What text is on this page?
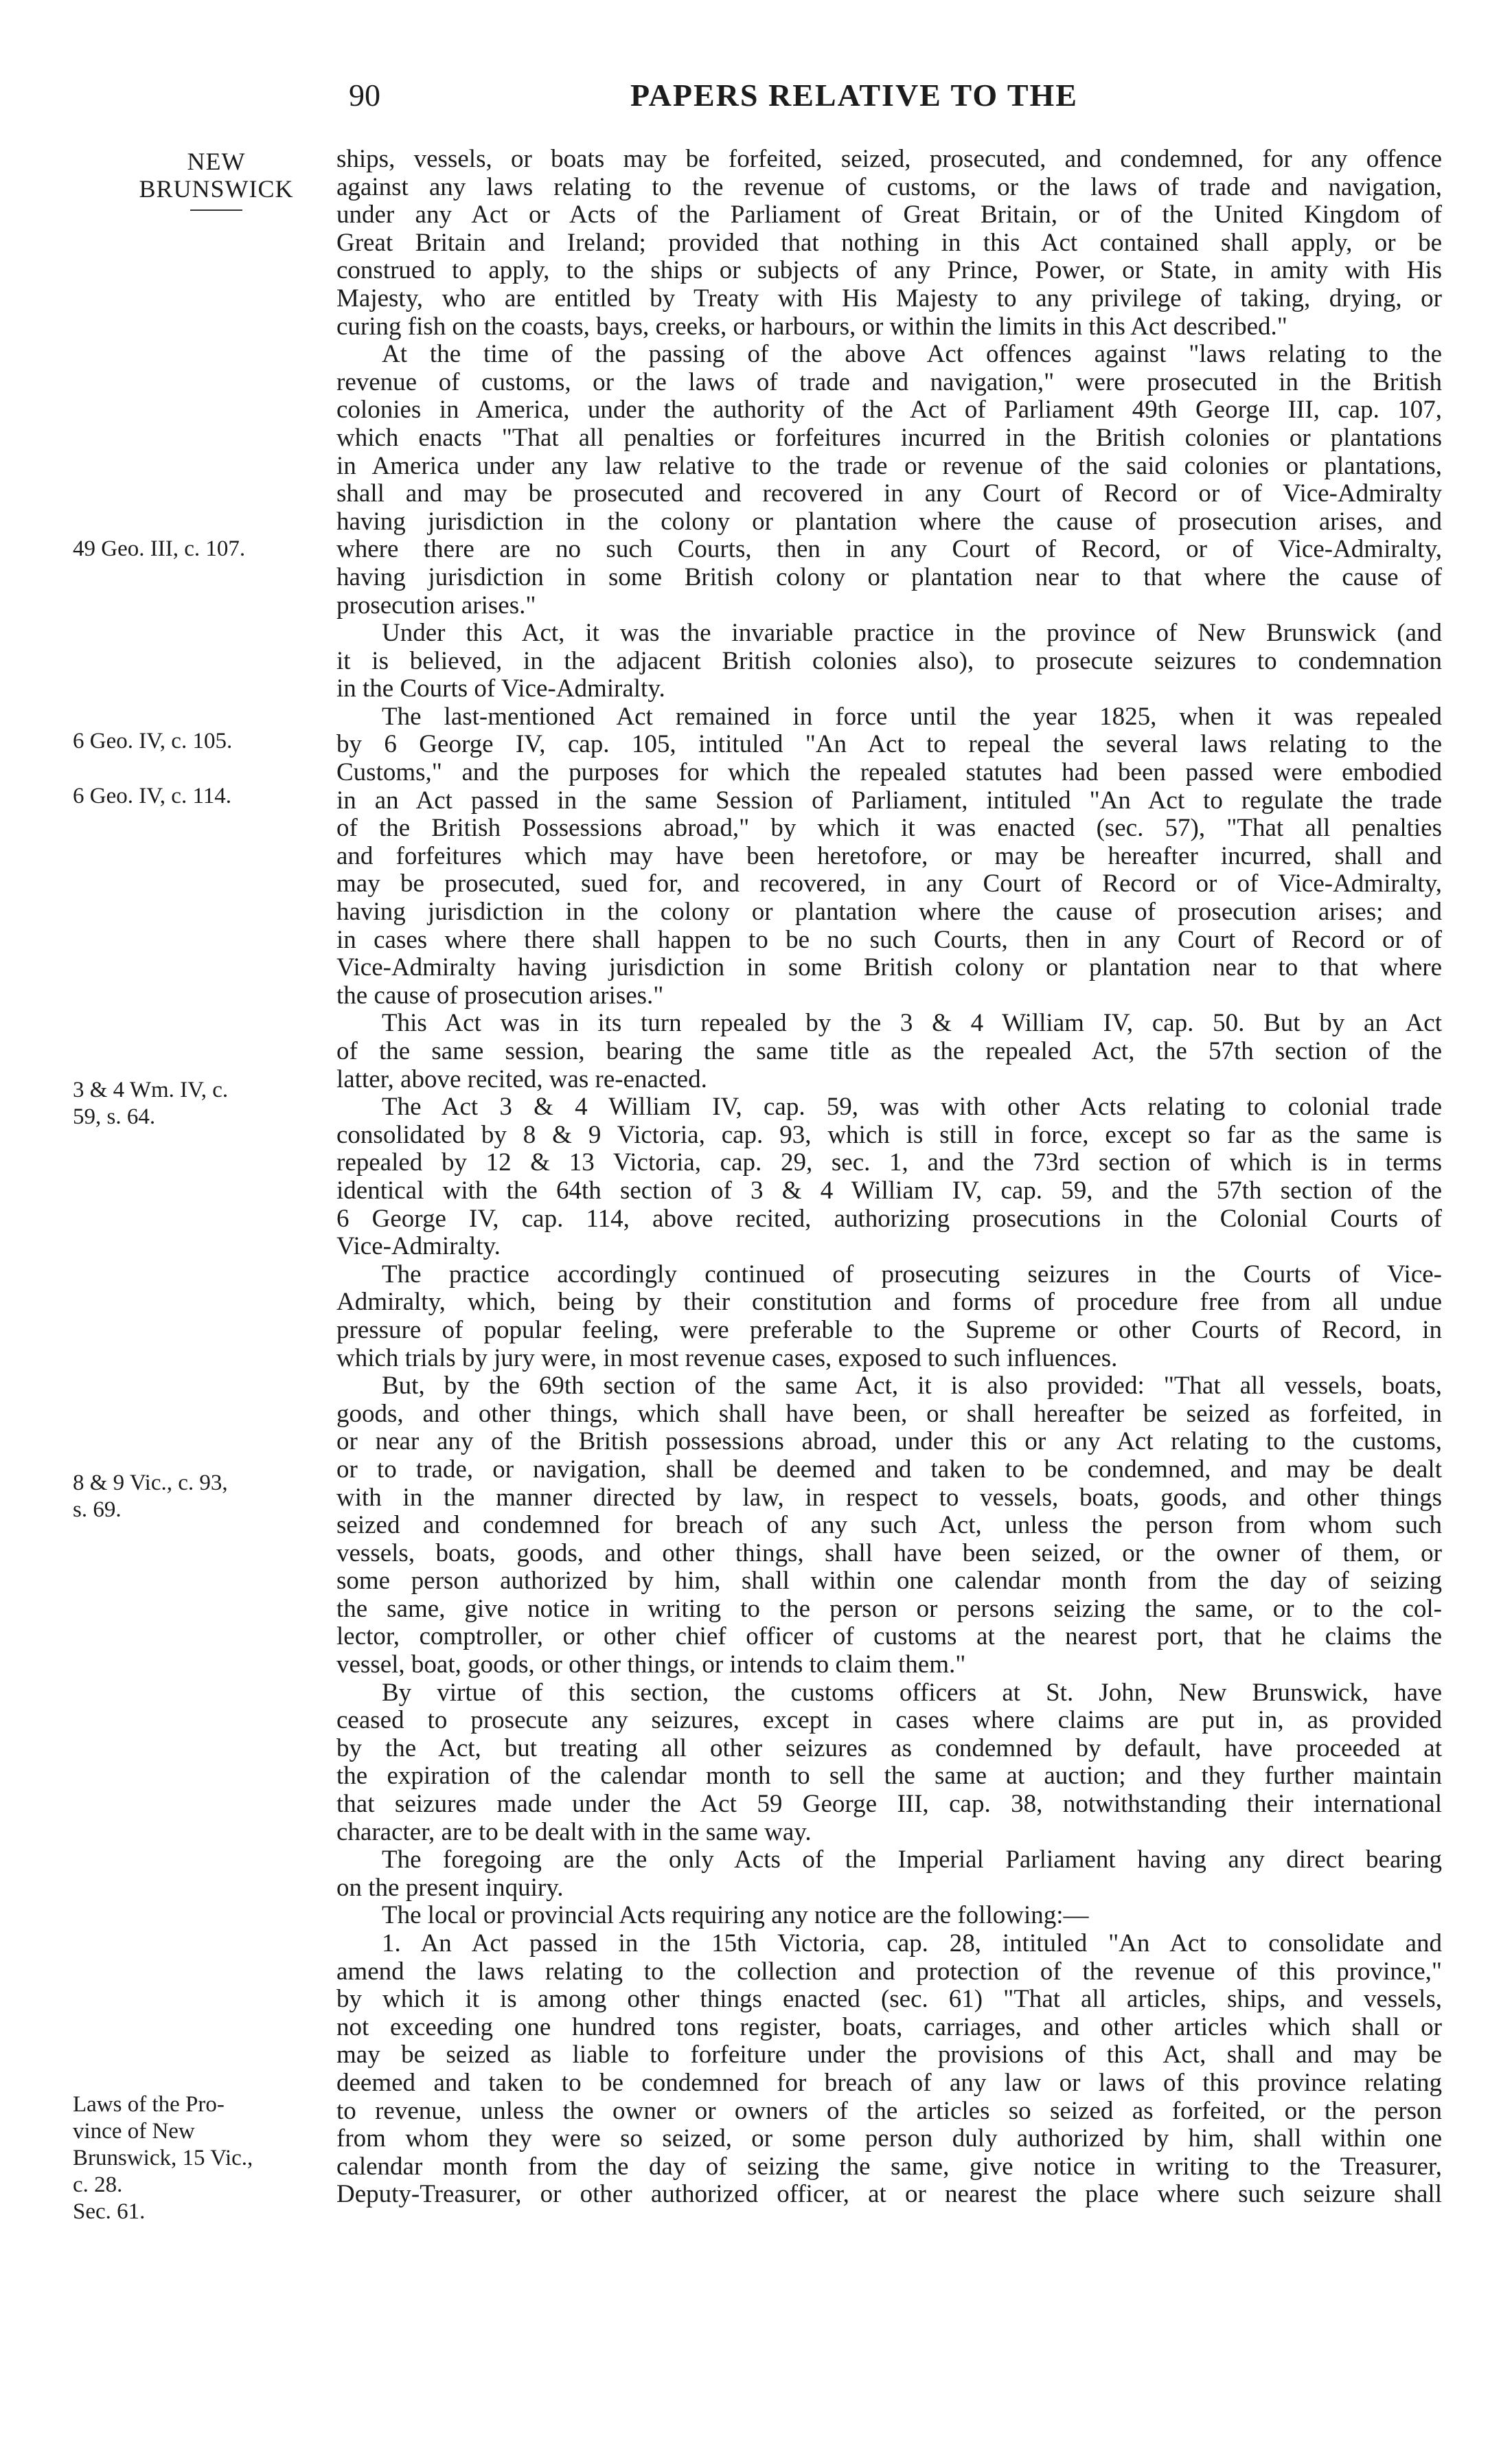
90	PAPERS RELATIVE TO THE
NEW
BRUNSWICK
49 Geo. III, c. 107.
6 Geo. IV, c. 105.
6 Geo. IV, c. 114.
3 & 4 Wm. IV, c.
59, s. 64.
8 & 9 Vic., c. 93,
s. 69.
Laws of the Pro-
vince of New
Brunswick, 15 Vic.,
c. 28.
Sec. 61.
ships, vessels, or boats may be forfeited, seized, prosecuted, and condemned, for any offence
against any laws relating to the revenue of customs, or the laws of trade and navigation,
under any Act or Acts of the Parliament of Great Britain, or of the United Kingdom of
Great Britain and Ireland; provided that nothing in this Act contained shall apply, or be
construed to apply, to the ships or subjects of any Prince, Power, or State, in amity with His
Majesty, who are entitled by Treaty with His Majesty to any privilege of taking, drying, or
curing fish on the coasts, bays, creeks, or harbours, or within the limits in this Act described."
At the time of the passing of the above Act offences against "laws relating to the
revenue of customs, or the laws of trade and navigation," were prosecuted in the British
colonies in America, under the authority of the Act of Parliament 49th George III, cap. 107,
which enacts "That all penalties or forfeitures incurred in the British colonies or plantations
in America under any law relative to the trade or revenue of the said colonies or plantations,
shall and may be prosecuted and recovered in any Court of Record or of Vice-Admiralty
having jurisdiction in the colony or plantation where the cause of prosecution arises, and
where there are no such Courts, then in any Court of Record, or of Vice-Admiralty,
having jurisdiction in some British colony or plantation near to that where the cause of
prosecution arises."
Under this Act, it was the invariable practice in the province of New Brunswick (and
it is believed, in the adjacent British colonies also), to prosecute seizures to condemnation
in the Courts of Vice-Admiralty.
The last-mentioned Act remained in force until the year 1825, when it was repealed
by 6 George IV, cap. 105, intituled "An Act to repeal the several laws relating to the
Customs," and the purposes for which the repealed statutes had been passed were embodied
in an Act passed in the same Session of Parliament, intituled "An Act to regulate the trade
of the British Possessions abroad," by which it was enacted (sec. 57), "That all penalties
and forfeitures which may have been heretofore, or may be hereafter incurred, shall and
may be prosecuted, sued for, and recovered, in any Court of Record or of Vice-Admiralty,
having jurisdiction in the colony or plantation where the cause of prosecution arises; and
in cases where there shall happen to be no such Courts, then in any Court of Record or of
Vice-Admiralty having jurisdiction in some British colony or plantation near to that where
the cause of prosecution arises."
This Act was in its turn repealed by the 3 & 4 William IV, cap. 50. But by an Act
of the same session, bearing the same title as the repealed Act, the 57th section of the
latter, above recited, was re-enacted.
The Act 3 & 4 William IV, cap. 59, was with other Acts relating to colonial trade
consolidated by 8 & 9 Victoria, cap. 93, which is still in force, except so far as the same is
repealed by 12 & 13 Victoria, cap. 29, sec. 1, and the 73rd section of which is in terms
identical with the 64th section of 3 & 4 William IV, cap. 59, and the 57th section of the
6 George IV, cap. 114, above recited, authorizing prosecutions in the Colonial Courts of
Vice-Admiralty.
The practice accordingly continued of prosecuting seizures in the Courts of Vice-
Admiralty, which, being by their constitution and forms of procedure free from all undue
pressure of popular feeling, were preferable to the Supreme or other Courts of Record, in
which trials by jury were, in most revenue cases, exposed to such influences.
But, by the 69th section of the same Act, it is also provided: "That all vessels, boats,
goods, and other things, which shall have been, or shall hereafter be seized as forfeited, in
or near any of the British possessions abroad, under this or any Act relating to the customs,
or to trade, or navigation, shall be deemed and taken to be condemned, and may be dealt
with in the manner directed by law, in respect to vessels, boats, goods, and other things
seized and condemned for breach of any such Act, unless the person from whom such
vessels, boats, goods, and other things, shall have been seized, or the owner of them, or
some person authorized by him, shall within one calendar month from the day of seizing
the same, give notice in writing to the person or persons seizing the same, or to the col-
lector, comptroller, or other chief officer of customs at the nearest port, that he claims the
vessel, boat, goods, or other things, or intends to claim them."
By virtue of this section, the customs officers at St. John, New Brunswick, have
ceased to prosecute any seizures, except in cases where claims are put in, as provided
by the Act, but treating all other seizures as condemned by default, have proceeded at
the expiration of the calendar month to sell the same at auction; and they further maintain
that seizures made under the Act 59 George III, cap. 38, notwithstanding their international
character, are to be dealt with in the same way.
The foregoing are the only Acts of the Imperial Parliament having any direct bearing
on the present inquiry.
The local or provincial Acts requiring any notice are the following:—
1. An Act passed in the 15th Victoria, cap. 28, intituled "An Act to consolidate and
amend the laws relating to the collection and protection of the revenue of this province,"
by which it is among other things enacted (sec. 61) "That all articles, ships, and vessels,
not exceeding one hundred tons register, boats, carriages, and other articles which shall or
may be seized as liable to forfeiture under the provisions of this Act, shall and may be
deemed and taken to be condemned for breach of any law or laws of this province relating
to revenue, unless the owner or owners of the articles so seized as forfeited, or the person
from whom they were so seized, or some person duly authorized by him, shall within one
calendar month from the day of seizing the same, give notice in writing to the Treasurer,
Deputy-Treasurer, or other authorized officer, at or nearest the place where such seizure shall
